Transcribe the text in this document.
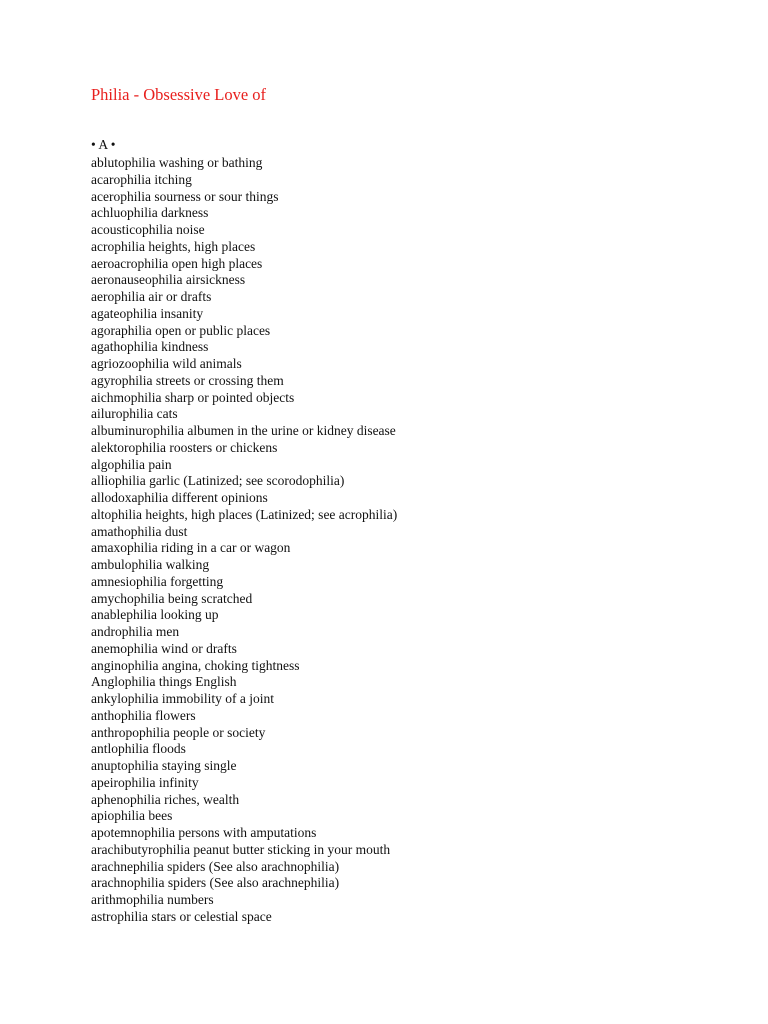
Philia - Obsessive Love of
• A •
ablutophilia washing or bathing
acarophilia itching
acerophilia sourness or sour things
achluophilia darkness
acousticophilia noise
acrophilia heights, high places
aeroacrophilia open high places
aeronauseophilia airsickness
aerophilia air or drafts
agateophilia insanity
agoraphilia open or public places
agathophilia kindness
agriozoophilia wild animals
agyrophilia streets or crossing them
aichmophilia sharp or pointed objects
ailurophilia cats
albuminurophilia albumen in the urine or kidney disease
alektorophilia roosters or chickens
algophilia pain
alliophilia garlic (Latinized; see scorodophilia)
allodoxaphilia different opinions
altophilia heights, high places (Latinized; see acrophilia)
amathophilia dust
amaxophilia riding in a car or wagon
ambulophilia walking
amnesiophilia forgetting
amychophilia being scratched
anablephilia looking up
androphilia men
anemophilia wind or drafts
anginophilia angina, choking tightness
Anglophilia things English
ankylophilia immobility of a joint
anthophilia flowers
anthropophilia people or society
antlophilia floods
anuptophilia staying single
apeirophilia infinity
aphenophilia riches, wealth
apiophilia bees
apotemnophilia persons with amputations
arachibutyrophilia peanut butter sticking in your mouth
arachnephilia spiders (See also arachnophilia)
arachnophilia spiders (See also arachnephilia)
arithmophilia numbers
astrophilia stars or celestial space
